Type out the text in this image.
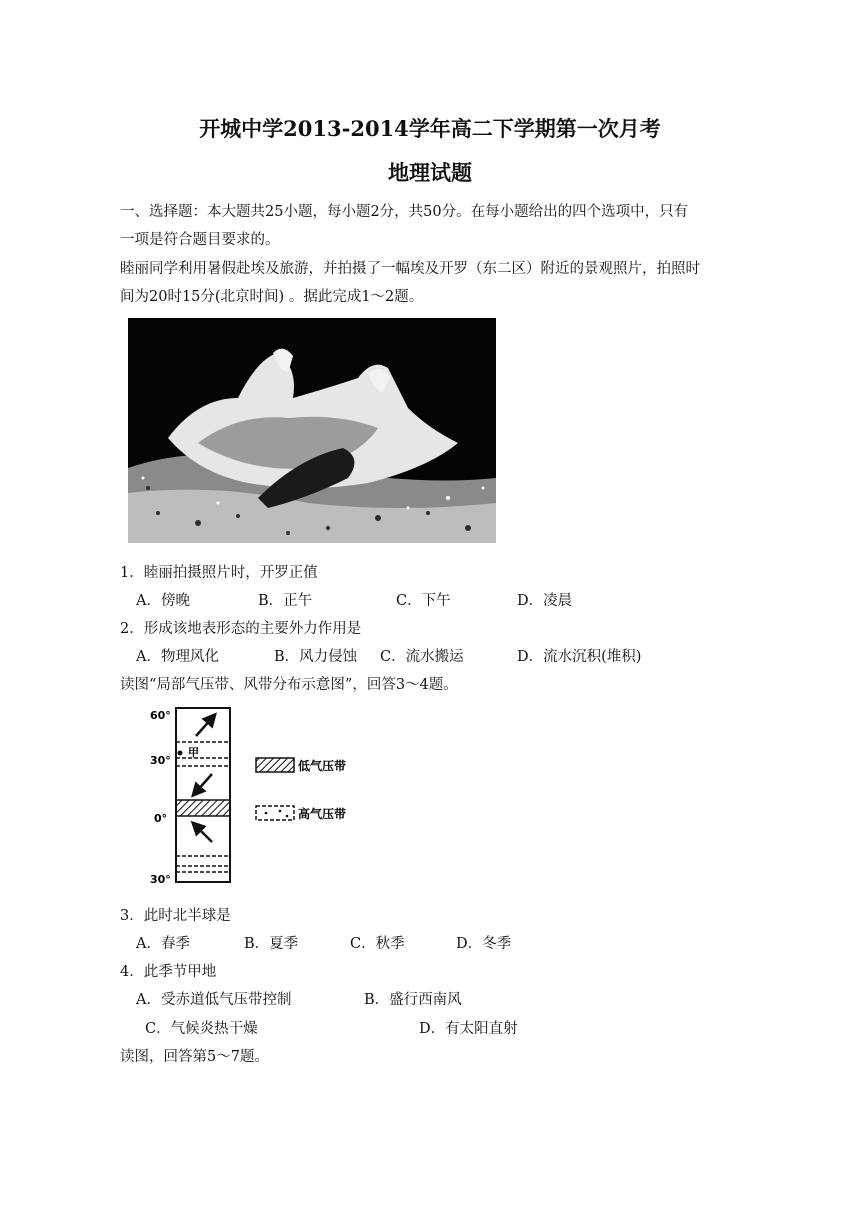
开城中学2013-2014学年高二下学期第一次月考
地理试题
一、选择题：本大题共25小题，每小题2分，共50分。在每小题给出的四个选项中，只有
一项是符合题目要求的。
睦丽同学利用暑假赴埃及旅游，并拍摄了一幅埃及开罗（东二区）附近的景观照片，拍照时
间为20时15分(北京时间) 。据此完成1～2题。
1．睦丽拍摄照片时，开罗正值
A．傍晚	B．正午	C．下午	D．凌晨
2．形成该地表形态的主要外力作用是
A．物理风化	B．风力侵蚀 C．流水搬运	D．流水沉积(堆积)
读图“局部气压带、风带分布示意图”，回答3～4题。
60°
30°
0°
30°
甲
低气压带
高气压带
3．此时北半球是
A．春季	B．夏季	C．秋季	D．冬季
4．此季节甲地
A．受赤道低气压带控制	B．盛行西南风
C．气候炎热干燥	D．有太阳直射
读图，回答第5～7题。
